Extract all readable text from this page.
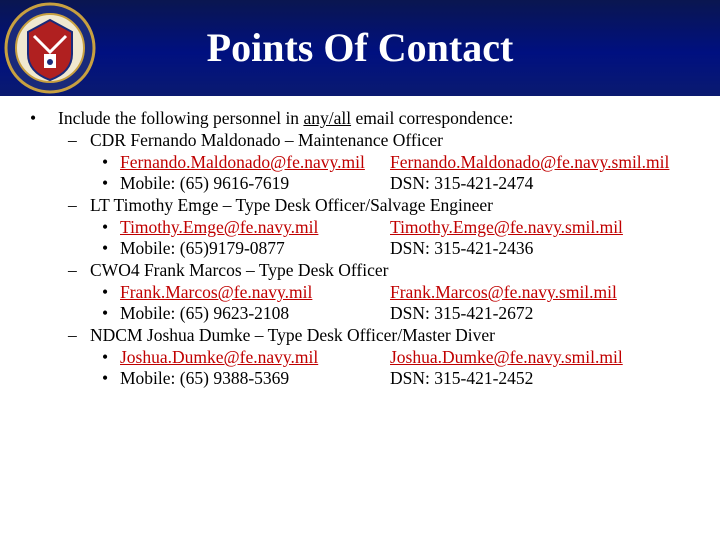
Points Of Contact
• Include the following personnel in any/all email correspondence:
– CDR Fernando Maldonado – Maintenance Officer
• Fernando.Maldonado@fe.navy.mil Fernando.Maldonado@fe.navy.smil.mil
• Mobile: (65) 9616-7619	DSN: 315-421-2474
– LT Timothy Emge – Type Desk Officer/Salvage Engineer
• Timothy.Emge@fe.navy.mil	Timothy.Emge@fe.navy.smil.mil
• Mobile: (65)9179-0877	DSN: 315-421-2436
– CWO4 Frank Marcos – Type Desk Officer
• Frank.Marcos@fe.navy.mil	Frank.Marcos@fe.navy.smil.mil
• Mobile: (65) 9623-2108	DSN: 315-421-2672
– NDCM Joshua Dumke – Type Desk Officer/Master Diver
• Joshua.Dumke@fe.navy.mil	Joshua.Dumke@fe.navy.smil.mil
• Mobile: (65) 9388-5369	DSN: 315-421-2452
